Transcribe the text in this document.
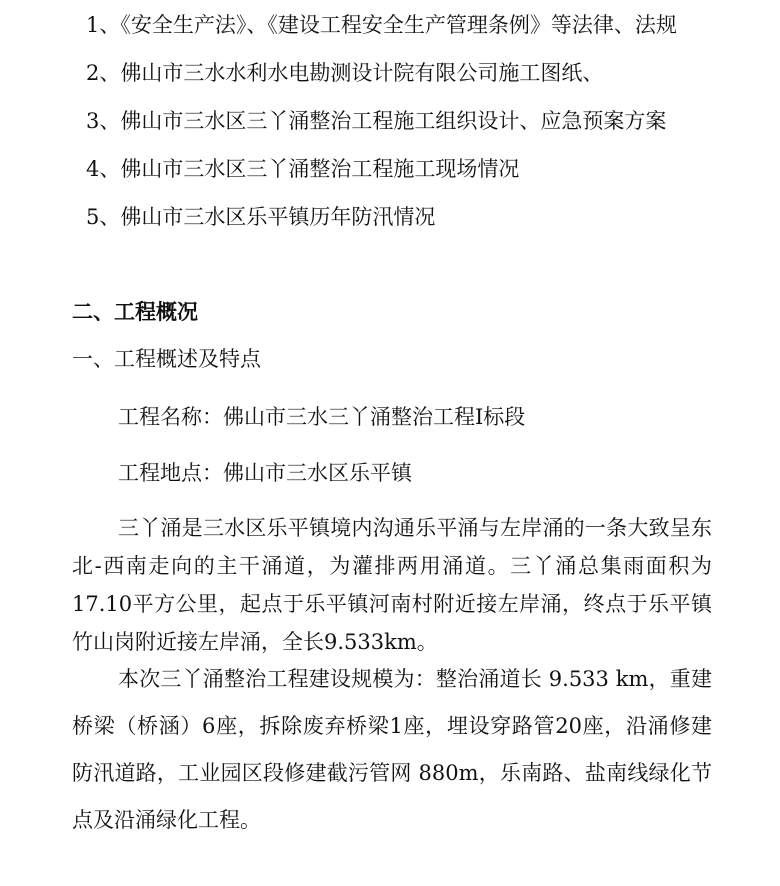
1、《安全生产法》、《建设工程安全生产管理条例》等法律、法规
2、佛山市三水水利水电勘测设计院有限公司施工图纸、
3、佛山市三水区三丫涌整治工程施工组织设计、应急预案方案
4、佛山市三水区三丫涌整治工程施工现场情况
5、佛山市三水区乐平镇历年防汛情况
二、工程概况
一、工程概述及特点
工程名称：佛山市三水三丫涌整治工程Ⅰ标段
工程地点：佛山市三水区乐平镇
三丫涌是三水区乐平镇境内沟通乐平涌与左岸涌的一条大致呈东北-西南走向的主干涌道，为灌排两用涌道。三丫涌总集雨面积为17.10平方公里，起点于乐平镇河南村附近接左岸涌，终点于乐平镇竹山岗附近接左岸涌，全长9.533km。
本次三丫涌整治工程建设规模为：整治涌道长 9.533 km，重建桥梁（桥涵）6座，拆除废弃桥梁1座，埋设穿路管20座，沿涌修建防汛道路，工业园区段修建截污管网 880m，乐南路、盐南线绿化节点及沿涌绿化工程。
